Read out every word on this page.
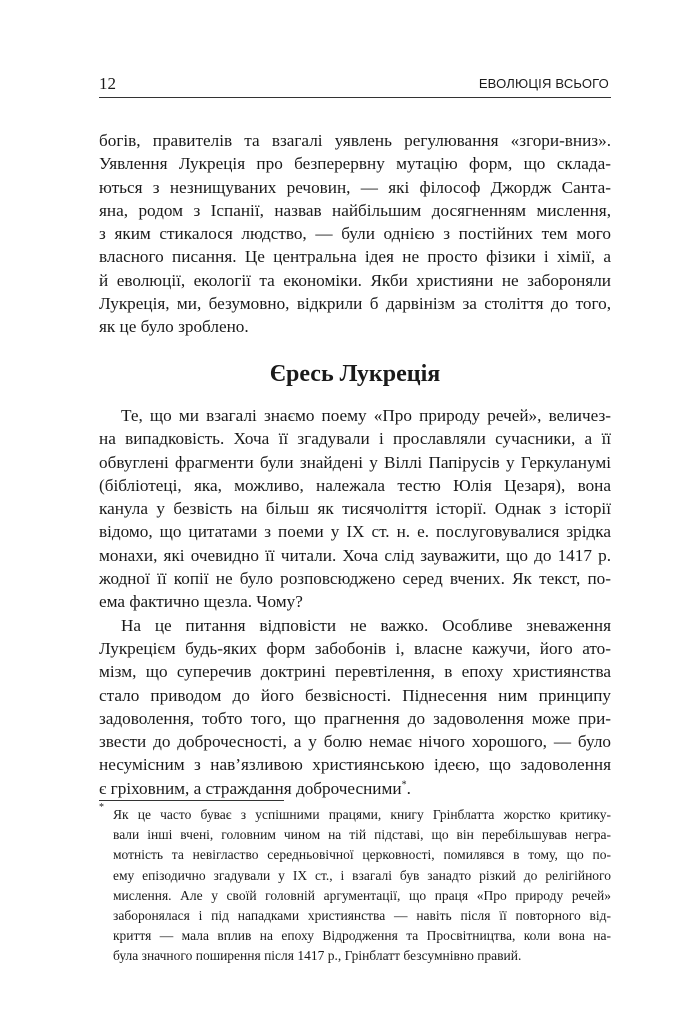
12	ЕВОЛЮЦІЯ ВСЬОГО
богів, правителів та взагалі уявлень регулювання «згори-вниз».
Уявлення Лукреція про безперервну мутацію форм, що склада-
ються з незнищуваних речовин, — які філософ Джордж Санта-
яна, родом з Іспанії, назвав найбільшим досягненням мислення,
з яким стикалося людство, — були однією з постійних тем мого
власного писання. Це центральна ідея не просто фізики і хімії, а
й еволюції, екології та економіки. Якби християни не забороняли
Лукреція, ми, безумовно, відкрили б дарвінізм за століття до того,
як це було зроблено.
Єресь Лукреція
Те, що ми взагалі знаємо поему «Про природу речей», величез-
на випадковість. Хоча її згадували і прославляли сучасники, а її
обвуглені фрагменти були знайдені у Віллі Папірусів у Геркуланумі
(бібліотеці, яка, можливо, належала тестю Юлія Цезаря), вона
канула у безвість на більш як тисячоліття історії. Однак з історії
відомо, що цитатами з поеми у IX ст. н. е. послуговувалися зрідка
монахи, які очевидно її читали. Хоча слід зауважити, що до 1417 р.
жодної її копії не було розповсюджено серед вчених. Як текст, по-
ема фактично щезла. Чому?
На це питання відповісти не важко. Особливе зневаження
Лукрецієм будь-яких форм забобонів і, власне кажучи, його ато-
мізм, що суперечив доктрині перевтілення, в епоху християнства
стало приводом до його безвісності. Піднесення ним принципу
задоволення, тобто того, що прагнення до задоволення може при-
звести до доброчесності, а у болю немає нічого хорошого, — було
несумісним з нав’язливою християнською ідеєю, що задоволення
є гріховним, а страждання доброчесними*.
* Як це часто буває з успішними працями, книгу Грінблатта жорстко критику-
вали інші вчені, головним чином на тій підставі, що він перебільшував негра-
мотність та невігластво середньовічної церковності, помилявся в тому, що по-
ему епізодично згадували у IX ст., і взагалі був занадто різкий до релігійного
мислення. Але у своїй головній аргументації, що праця «Про природу речей»
заборонялася і під нападками християнства — навіть після її повторного від-
криття — мала вплив на епоху Відродження та Просвітництва, коли вона на-
була значного поширення після 1417 р., Грінблатт безсумнівно правий.
